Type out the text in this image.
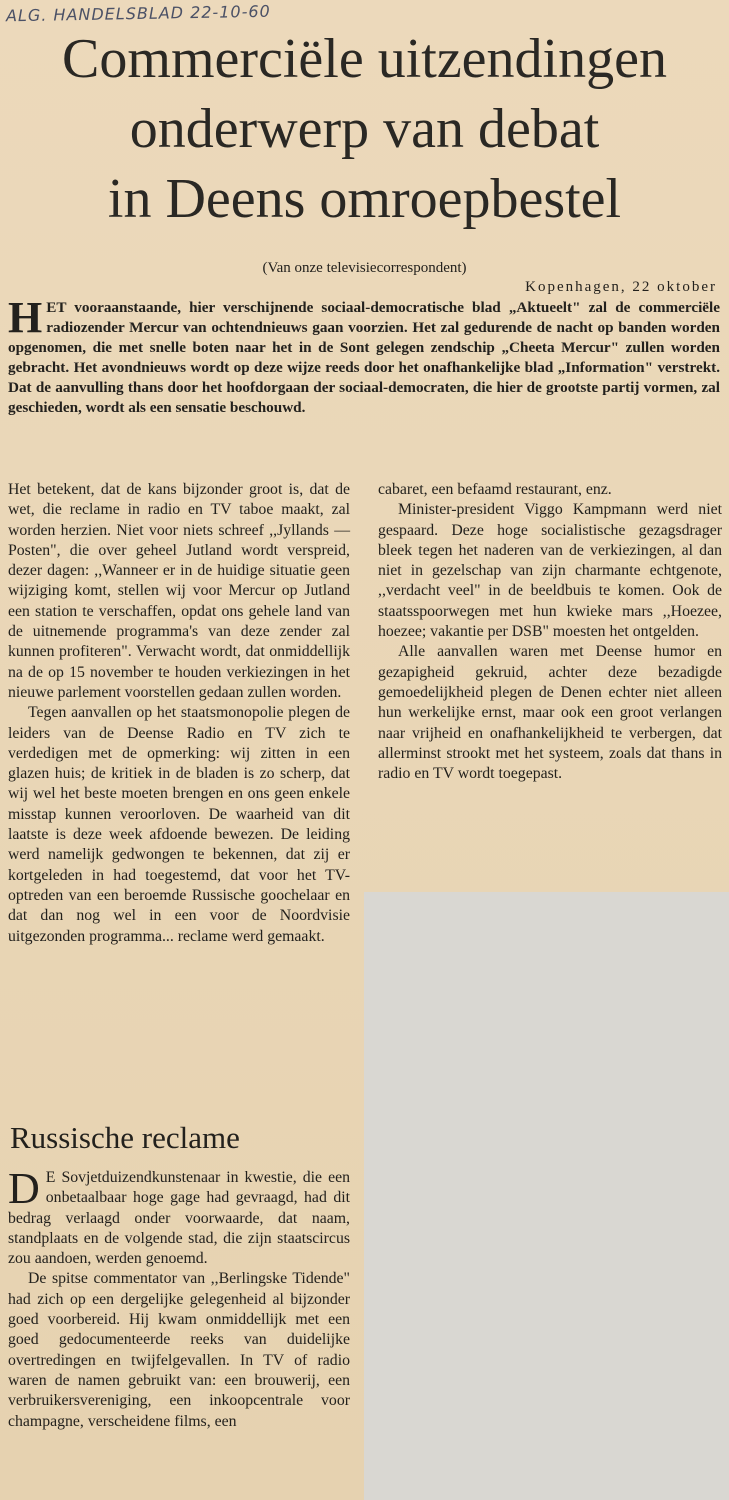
ALG. HANDELSBLAD 22-10-60
Commerciële uitzendingen
onderwerp van debat
in Deens omroepbestel
(Van onze televisiecorrespondent)
Kopenhagen, 22 oktober

HET vooraanstaande, hier verschijnende sociaal-democratische blad „Aktueelt" zal de commerciële radiozender Mercur van ochtendnieuws gaan voorzien. Het zal gedurende de nacht op banden worden opgenomen, die met snelle boten naar het in de Sont gelegen zendschip „Cheeta Mercur" zullen worden gebracht. Het avondnieuws wordt op deze wijze reeds door het onafhankelijke blad „Information" verstrekt. Dat de aanvulling thans door het hoofdorgaan der sociaal-democraten, die hier de grootste partij vormen, zal geschieden, wordt als een sensatie beschouwd.

Het betekent, dat de kans bijzonder groot is, dat de wet, die reclame in radio en TV taboe maakt, zal worden herzien. Niet voor niets schreef ,,Jyllands — Posten", die over geheel Jutland wordt verspreid, dezer dagen: ,,Wanneer er in de huidige situatie geen wijziging komt, stellen wij voor Mercur op Jutland een station te verschaffen, opdat ons gehele land van de uitnemende programma's van deze zender zal kunnen profiteren". Verwacht wordt, dat onmiddellijk na de op 15 november te houden verkiezingen in het nieuwe parlement voorstellen gedaan zullen worden.

Tegen aanvallen op het staatsmonopolie plegen de leiders van de Deense Radio en TV zich te verdedigen met de opmerking: wij zitten in een glazen huis; de kritiek in de bladen is zo scherp, dat wij wel het beste moeten brengen en ons geen enkele misstap kunnen veroorloven. De waarheid van dit laatste is deze week afdoende bewezen. De leiding werd namelijk gedwongen te bekennen, dat zij er kortgeleden in had toegestemd, dat voor het TV-optreden van een beroemde Russische goochelaar en dat dan nog wel in een voor de Noordvisie uitgezonden programma... reclame werd gemaakt.

cabaret, een befaamd restaurant, enz.

Minister-president Viggo Kampmann werd niet gespaard. Deze hoge socialistische gezagsdrager bleek tegen het naderen van de verkiezingen, al dan niet in gezelschap van zijn charmante echtgenote, ,,verdacht veel" in de beeldbuis te komen. Ook de staatsspoorwegen met hun kwieke mars ,,Hoezee, hoezee; vakantie per DSB" moesten het ontgelden.

Alle aanvallen waren met Deense humor en gezapigheid gekruid, achter deze bezadigde gemoedelijkheid plegen de Denen echter niet alleen hun werkelijke ernst, maar ook een groot verlangen naar vrijheid en onafhankelijkheid te verbergen, dat allerminst strookt met het systeem, zoals dat thans in radio en TV wordt toegepast.

Russische reclame

D E Sovjetduizendkunstenaar in kwestie, die een onbetaalbaar hoge gage had gevraagd, had dit bedrag verlaagd onder voorwaarde, dat naam, standplaats en de volgende stad, die zijn staatscircus zou aandoen, werden genoemd.

De spitse commentator van ,,Berlingske Tidende" had zich op een dergelijke gelegenheid al bijzonder goed voorbereid. Hij kwam onmiddellijk met een goed gedocumenteerde reeks van duidelijke overtredingen en twijfelgevallen. In TV of radio waren de namen gebruikt van: een brouwerij, een verbruikersvereniging, een inkoopcentrale voor champagne, verscheidene films, een
